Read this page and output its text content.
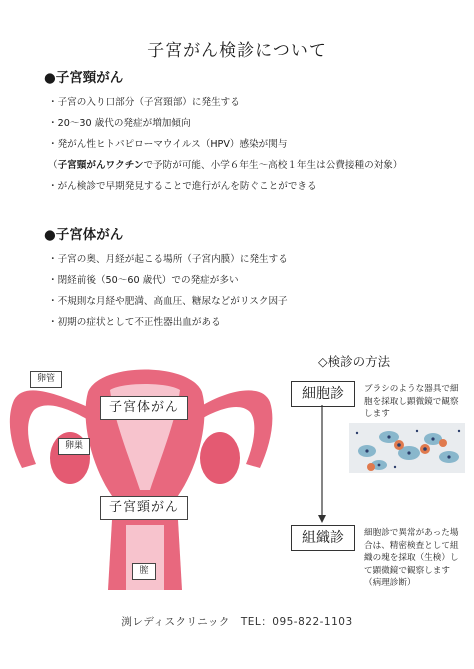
子宮がん検診について
●子宮頸がん
・子宮の入り口部分（子宮頸部）に発生する
・20～30 歳代の発症が増加傾向
・発がん性ヒトパピローマウイルス（HPV）感染が関与
（子宮頸がんワクチンで予防が可能、小学６年生～高校１年生は公費接種の対象）
・がん検診で早期発見することで進行がんを防ぐことができる
●子宮体がん
・子宮の奥、月経が起こる場所（子宮内膜）に発生する
・閉経前後（50～60 歳代）での発症が多い
・不規則な月経や肥満、高血圧、糖尿などがリスク因子
・初期の症状として不正性器出血がある
卵管
卵巣
子宮体がん
子宮頸がん
膣
◇検診の方法
細胞診	ブラシのような器具で細胞を採取し顕微鏡で観察します
組織診	細胞診で異常があった場合は、精密検査として組織の塊を採取（生検）して顕微鏡で観察します（病理診断）
渕レディスクリニック　TEL：095-822-1103
